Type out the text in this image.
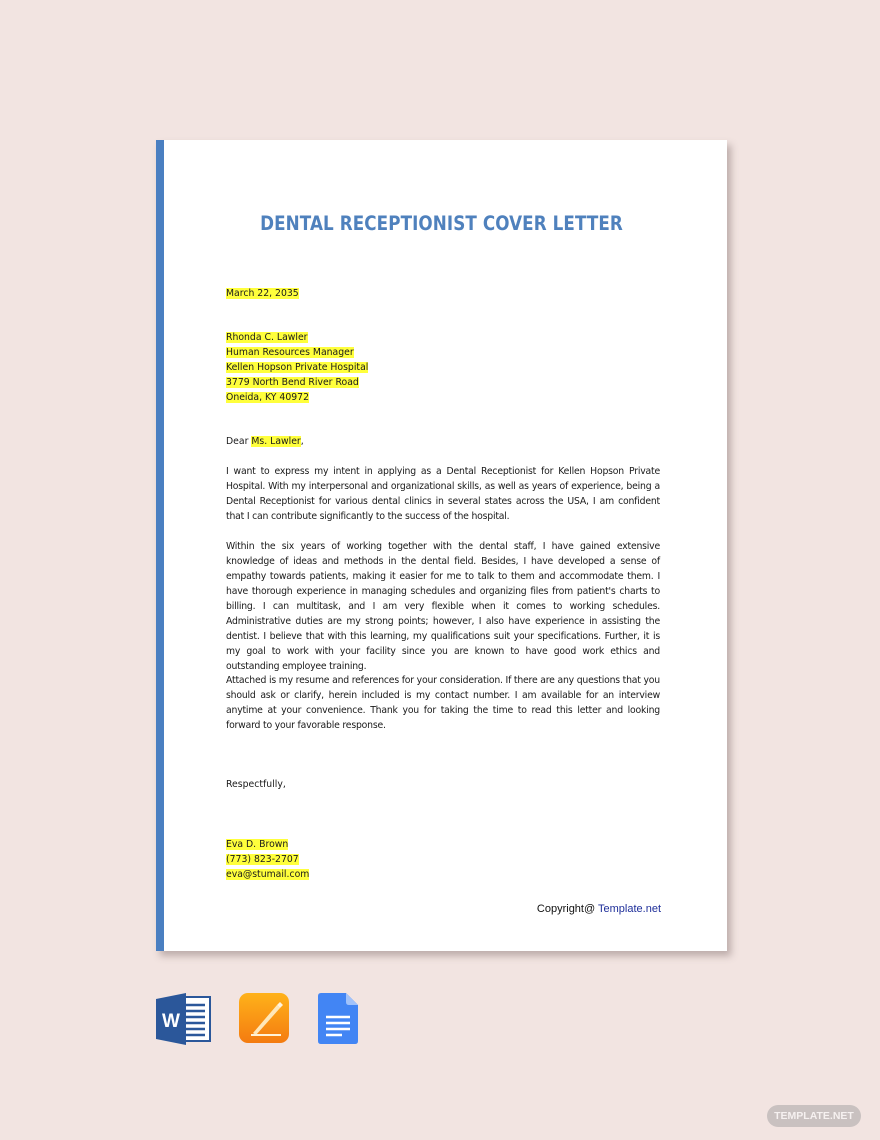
DENTAL RECEPTIONIST COVER LETTER
March 22, 2035
Rhonda C. Lawler
Human Resources Manager
Kellen Hopson Private Hospital
3779 North Bend River Road
Oneida, KY 40972
Dear Ms. Lawler,
I want to express my intent in applying as a Dental Receptionist for Kellen Hopson Private Hospital. With my interpersonal and organizational skills, as well as years of experience, being a Dental Receptionist for various dental clinics in several states across the USA, I am confident that I can contribute significantly to the success of the hospital.
Within the six years of working together with the dental staff, I have gained extensive knowledge of ideas and methods in the dental field. Besides, I have developed a sense of empathy towards patients, making it easier for me to talk to them and accommodate them. I have thorough experience in managing schedules and organizing files from patient's charts to billing. I can multitask, and I am very flexible when it comes to working schedules. Administrative duties are my strong points; however, I also have experience in assisting the dentist. I believe that with this learning, my qualifications suit your specifications. Further, it is my goal to work with your facility since you are known to have good work ethics and outstanding employee training.
Attached is my resume and references for your consideration. If there are any questions that you should ask or clarify, herein included is my contact number. I am available for an interview anytime at your convenience. Thank you for taking the time to read this letter and looking forward to your favorable response.
Respectfully,
Eva D. Brown
(773) 823-2707
eva@stumail.com
Copyright@ Template.net
W
TEMPLATE.NET
